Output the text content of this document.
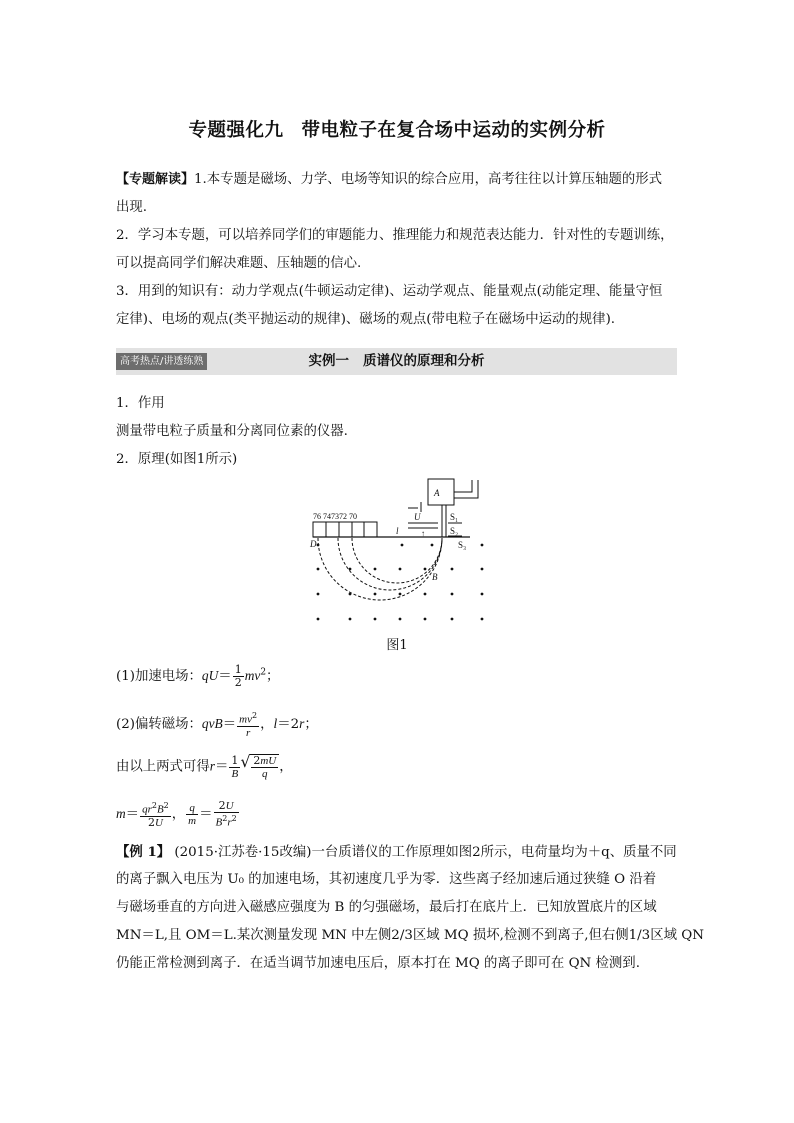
专题强化九 带电粒子在复合场中运动的实例分析
【专题解读】1.本专题是磁场、力学、电场等知识的综合应用，高考往往以计算压轴题的形式
出现.
2．学习本专题，可以培养同学们的审题能力、推理能力和规范表达能力．针对性的专题训练，
可以提高同学们解决难题、压轴题的信心.
3．用到的知识有：动力学观点(牛顿运动定律)、运动学观点、能量观点(动能定理、能量守恒
定律)、电场的观点(类平抛运动的规律)、磁场的观点(带电粒子在磁场中运动的规律).
高考热点/讲透练熟	实例一 质谱仪的原理和分析
1．作用
测量带电粒子质量和分离同位素的仪器.
2．原理(如图1所示)
A
U
↑
S₁
S₂
76 747372 70
l
D	S₃
B
图1
(1)加速电场：$qU= \frac{1}{2} mv^2$；
(2)偏转磁场：$qvB= \frac{mv^2}{r}$ ，l＝2r；
由以上两式可得$r= \frac{1}{B}$
√ $\frac{2mU}{q}$ ，
$m= \frac{qr^2B^2}{2U}$ ， $\frac{q}{m} = \frac{2U}{B^2r^2}$
【例 1】 (2015·江苏卷·15改编)一台质谱仪的工作原理如图2所示，电荷量均为＋q、质量不同
的离子飘入电压为 U₀ 的加速电场，其初速度几乎为零．这些离子经加速后通过狭缝 O 沿着
与磁场垂直的方向进入磁感应强度为 B 的匀强磁场，最后打在底片上．已知放置底片的区域
MN＝L,且 OM＝L.某次测量发现 MN 中左侧2/3区域 MQ 损坏,检测不到离子,但右侧1/3区域 QN
仍能正常检测到离子．在适当调节加速电压后，原本打在 MQ 的离子即可在 QN 检测到.
